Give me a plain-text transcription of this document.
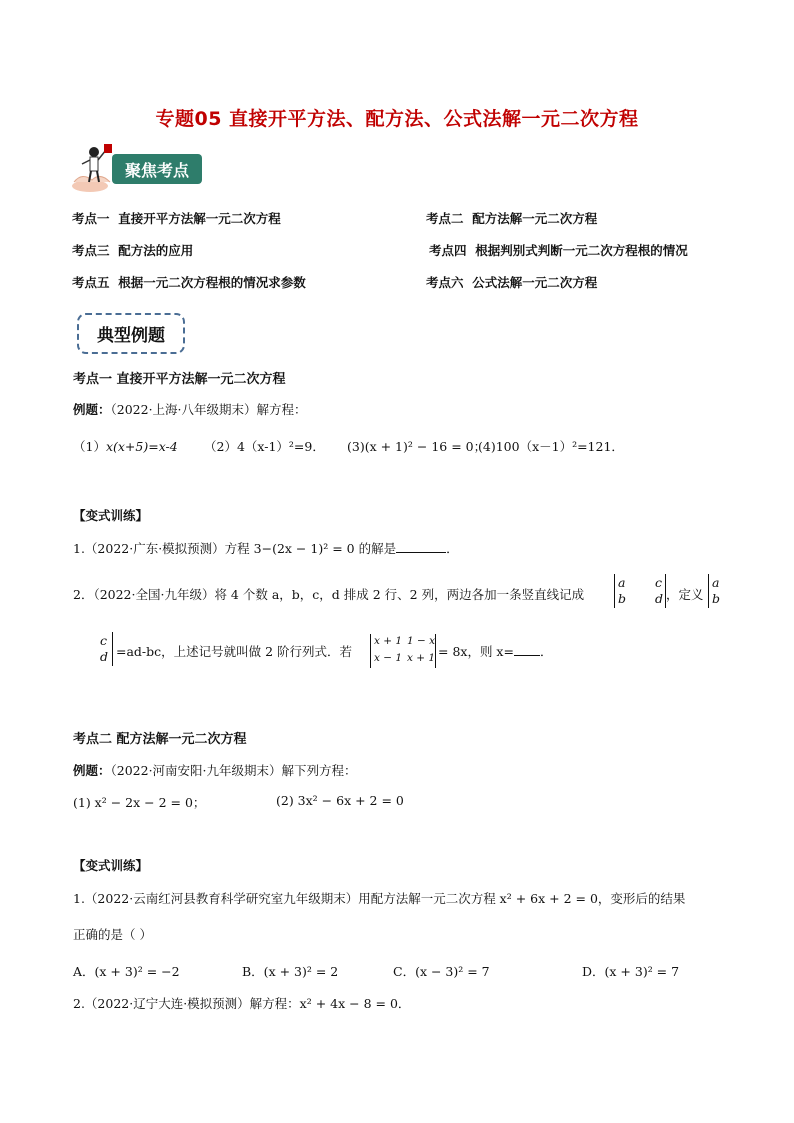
专题05 直接开平方法、配方法、公式法解一元二次方程
聚焦考点
考点一 直接开平方法解一元二次方程	考点二 配方法解一元二次方程
考点三 配方法的应用	考点四 根据判别式判断一元二次方程根的情况
考点五 根据一元二次方程根的情况求参数	考点六 公式法解一元二次方程
典型例题
考点一 直接开平方法解一元二次方程
例题：（2022·上海·八年级期末）解方程：
（1）x(x+5)=x-4 （2）4（x-1）²=9． (3)(x + 1)² − 16 = 0；
(4)100（x－1）²=121．
【变式训练】
1.（2022·广东·模拟预测）方程 3−(2x − 1)² = 0 的解是	．
2．（2022·全国·九年级）将 4 个数 a，b，c，d 排成 2 行、2 列，两边各加一条竖直线记成
a
b
c
d ，定义
a
b
c
d =ad-bc，上述记号就叫做 2 阶行列式．若
x + 1 1 − x
x − 1 x + 1 = 8x，则 x= ．
考点二 配方法解一元二次方程
例题：（2022·河南安阳·九年级期末）解下列方程：
(1) x² − 2x − 2 = 0；	(2) 3x² − 6x + 2 = 0
【变式训练】
1.（2022·云南红河县教育科学研究室九年级期末）用配方法解一元二次方程 x² + 6x + 2 = 0，变形后的结果
正确的是（ ）
A．(x + 3)² = −2	B．(x + 3)² = 2	C．(x − 3)² = 7	D．(x + 3)² = 7
2.（2022·辽宁大连·模拟预测）解方程：x² + 4x − 8 = 0．
